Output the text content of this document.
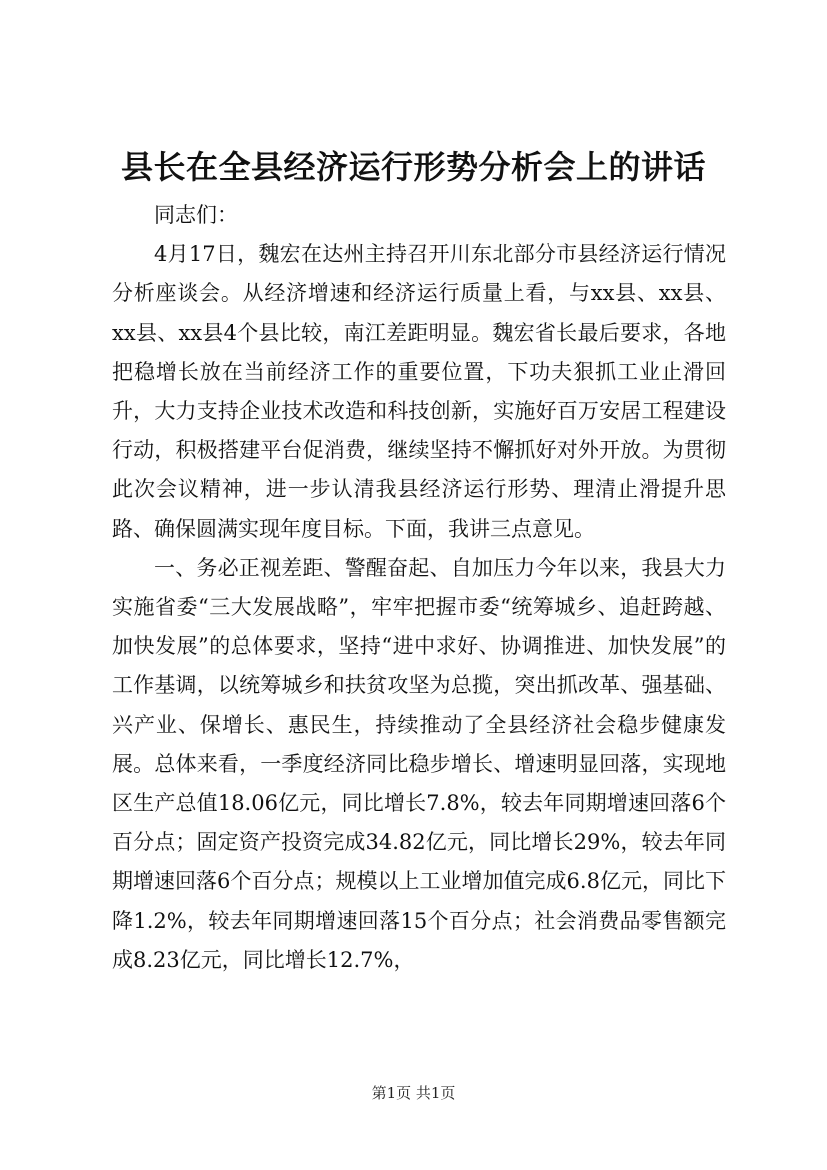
县长在全县经济运行形势分析会上的讲话

同志们：

4月17日，魏宏在达州主持召开川东北部分市县经济运行情况分析座谈会。从经济增速和经济运行质量上看，与xx县、xx县、xx县、xx县4个县比较，南江差距明显。魏宏省长最后要求，各地把稳增长放在当前经济工作的重要位置，下功夫狠抓工业止滑回升，大力支持企业技术改造和科技创新，实施好百万安居工程建设行动，积极搭建平台促消费，继续坚持不懈抓好对外开放。为贯彻此次会议精神，进一步认清我县经济运行形势、理清止滑提升思路、确保圆满实现年度目标。下面，我讲三点意见。

一、务必正视差距、警醒奋起、自加压力今年以来，我县大力实施省委“三大发展战略”，牢牢把握市委“统筹城乡、追赶跨越、加快发展”的总体要求，坚持“进中求好、协调推进、加快发展”的工作基调，以统筹城乡和扶贫攻坚为总揽，突出抓改革、强基础、兴产业、保增长、惠民生，持续推动了全县经济社会稳步健康发展。总体来看，一季度经济同比稳步增长、增速明显回落，实现地区生产总值18.06亿元，同比增长7.8%，较去年同期增速回落6个百分点；固定资产投资完成34.82亿元，同比增长29%，较去年同期增速回落6个百分点；规模以上工业增加值完成6.8亿元，同比下降1.2%，较去年同期增速回落15个百分点；社会消费品零售额完成8.23亿元，同比增长12.7%，

第1页 共1页
